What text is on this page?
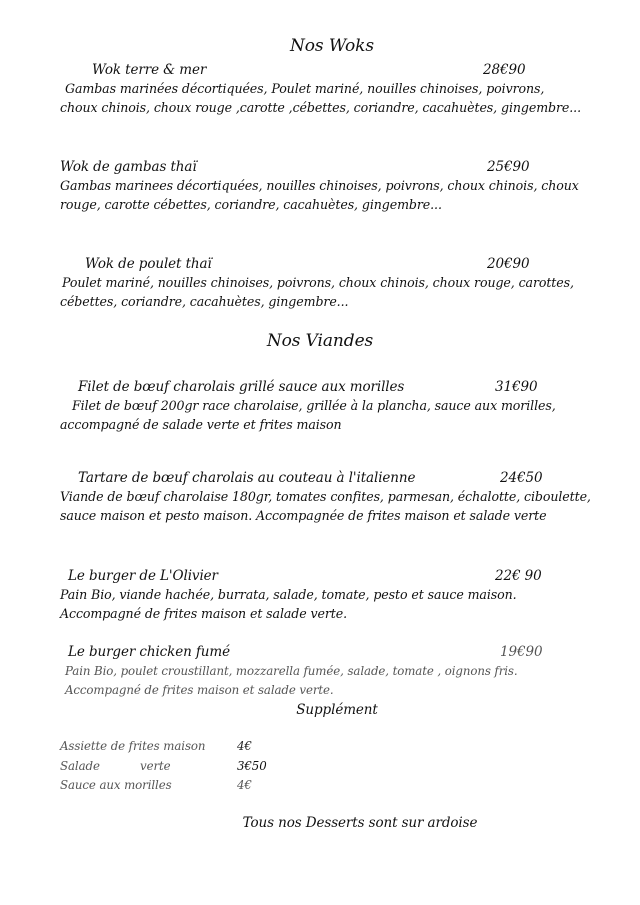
Nos Woks
Wok terre & mer	28€90
Gambas marinées décortiquées, Poulet mariné, nouilles chinoises, poivrons,
choux chinois, choux rouge ,carotte ,cébettes, coriandre, cacahuètes, gingembre...
Wok de gambas thaï	25€90
Gambas marinees décortiquées, nouilles chinoises, poivrons, choux chinois, choux
rouge, carotte cébettes, coriandre, cacahuètes, gingembre...
Wok de poulet thaï	20€90
Poulet mariné, nouilles chinoises, poivrons, choux chinois, choux rouge, carottes,
cébettes, coriandre, cacahuètes, gingembre...
Nos Viandes
Filet de bœuf charolais grillé sauce aux morilles	31€90
Filet de bœuf 200gr race charolaise, grillée à la plancha, sauce aux morilles,
accompagné de salade verte et frites maison
Tartare de bœuf charolais au couteau à l'italienne	24€50
Viande de bœuf charolaise 180gr, tomates confites, parmesan, échalotte, ciboulette,
sauce maison et pesto maison. Accompagnée de frites maison et salade verte
Le burger de L'Olivier	22€ 90
Pain Bio, viande hachée, burrata, salade, tomate, pesto et sauce maison.
Accompagné de frites maison et salade verte.
Le burger chicken fumé	19€90
Pain Bio, poulet croustillant, mozzarella fumée, salade, tomate , oignons fris.
Accompagné de frites maison et salade verte.
Supplément
Assiette de frites maison	4€
Salade           verte	3€50
Sauce aux morilles	4€
Tous nos Desserts sont sur ardoise
